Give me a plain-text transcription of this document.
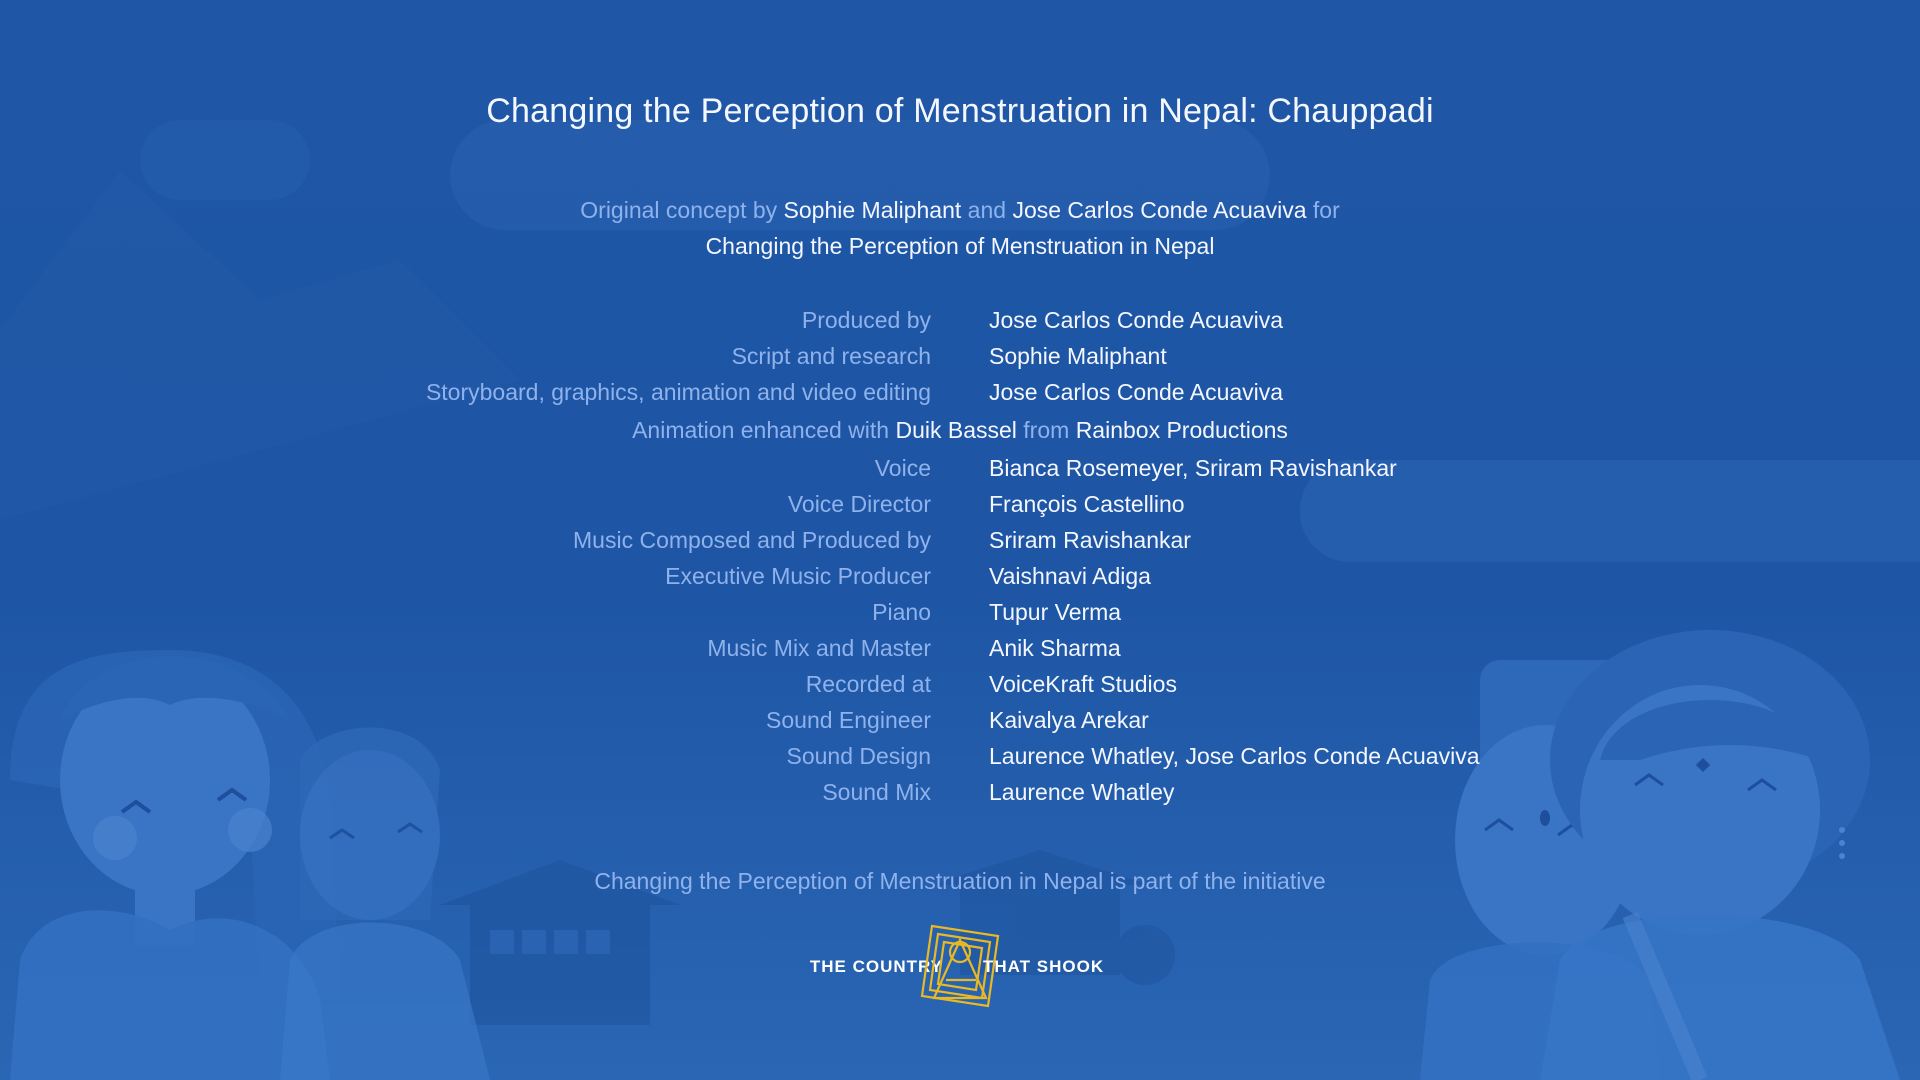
Changing the Perception of Menstruation in Nepal: Chauppadi
Original concept by Sophie Maliphant and Jose Carlos Conde Acuaviva for
Changing the Perception of Menstruation in Nepal
Produced by	Jose Carlos Conde Acuaviva
Script and research	Sophie Maliphant
Storyboard, graphics, animation and video editing	Jose Carlos Conde Acuaviva
Animation enhanced with Duik Bassel from Rainbox Productions
Voice	Bianca Rosemeyer, Sriram Ravishankar
Voice Director	François Castellino
Music Composed and Produced by	Sriram Ravishankar
Executive Music Producer	Vaishnavi Adiga
Piano	Tupur Verma
Music Mix and Master	Anik Sharma
Recorded at	VoiceKraft Studios
Sound Engineer	Kaivalya Arekar
Sound Design	Laurence Whatley, Jose Carlos Conde Acuaviva
Sound Mix	Laurence Whatley
Changing the Perception of Menstruation in Nepal is part of the initiative
THE COUNTRY THAT SHOOK
